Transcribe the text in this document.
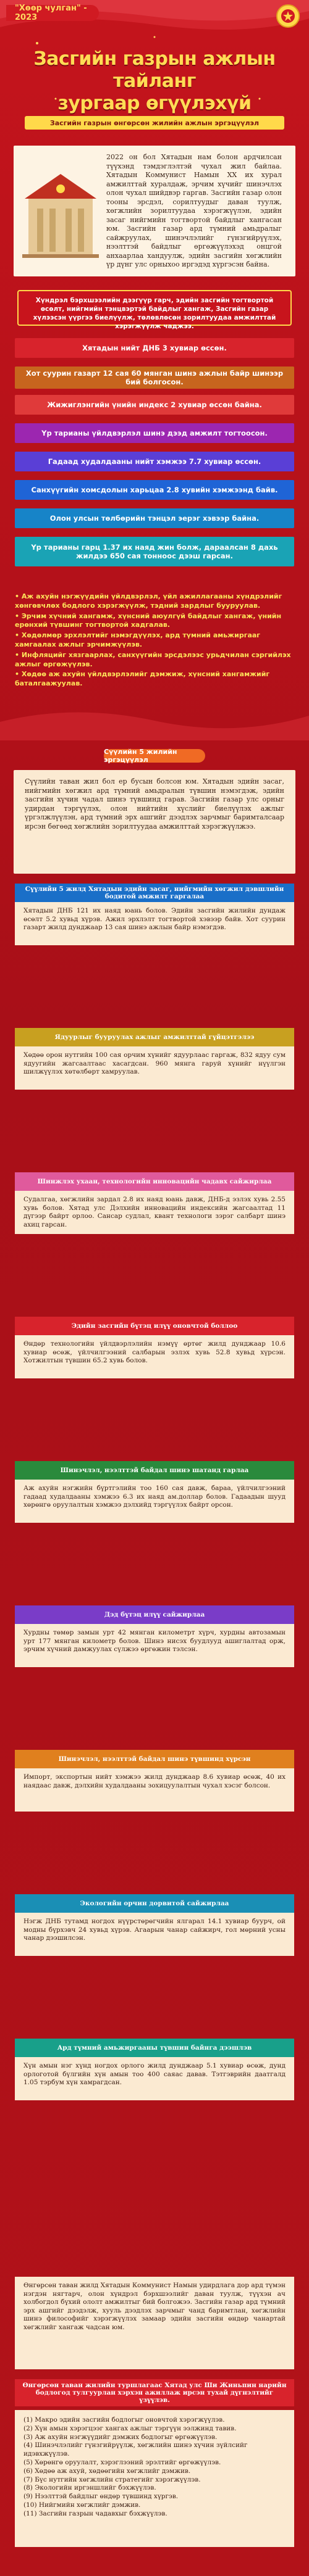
"Хөөр чулган" - 2023
Засгийн газрын ажлын тайланг
зургаар өгүүлэхүй
Засгийн газрын өнгөрсөн жилийн ажлын эргэцүүлэл

2022 он бол Хятадын нам болон ардчилсан түүхэнд тэмдэглэлтэй чухал жил байлаа. Хятадын Коммунист Намын XX их хурал амжилттай хуралдаж, эрчим хүчийг шинэчлэх олон чухал шийдвэр гаргав. Засгийн газар олон тооны эрсдэл, сорилтуудыг даван туулж, хөгжлийн зорилтуудаа хэрэгжүүлэн, эдийн засаг нийгмийн тогтвортой байдлыг хангасан юм. Засгийн газар ард түмний амьдралыг сайжруулах, шинэчлэлийг гүнзгийрүүлэх, нээлттэй байдлыг өргөжүүлэхэд онцгой анхаарлаа хандуулж, эдийн засгийн хөгжлийн үр дүнг улс орныхоо иргэдэд хүргэсэн байна.

Хүндрэл бэрхшээлийн дээгүүр гарч, эдийн засгийн тогтвортой өсөлт, нийгмийн тэнцвэртэй байдлыг хангаж, Засгийн газар хүлээсэн үүргээ биелүүлж, төлөвлөсөн зорилтуудаа амжилттай хэрэгжүүлж чаджээ.
Хятадын нийт ДНБ 3 хувиар өссөн.
Хот суурин газарт 12 сая 60 мянган шинэ ажлын байр шинээр бий болгосон.
Жижиглэнгийн үнийн индекс 2 хувиар өссөн байна.
Үр тарианы үйлдвэрлэл шинэ дээд амжилт тогтоосон.
Гадаад худалдааны нийт хэмжээ 7.7 хувиар өссөн.
Санхүүгийн хомсдолын харьцаа 2.8 хувийн хэмжээнд байв.
Олон улсын төлбөрийн тэнцэл эерэг хэвээр байна.
Үр тарианы гарц 1.37 их наяд жин болж, дараалсан 8 дахь жилдээ 650 сая тонноос дээш гарсан.
• Аж ахуйн нэгжүүдийн үйлдвэрлэл, үйл ажиллагааны хүндрэлийг хөнгөвчлөх бодлого хэрэгжүүлж, тэдний зардлыг бууруулав.
• Эрчим хүчний хангамж, хүнсний аюулгүй байдлыг хангаж, үнийн ерөнхий түвшинг тогтвортой хадгалав.
• Хөдөлмөр эрхлэлтийг нэмэгдүүлэх, ард түмний амьжиргааг хамгаалах ажлыг эрчимжүүлэв.
• Инфляцийг хязгаарлах, санхүүгийн эрсдэлээс урьдчилан сэргийлэх ажлыг өргөжүүлэв.
• Хөдөө аж ахуйн үйлдвэрлэлийг дэмжиж, хүнсний хангамжийг баталгаажуулав.
Сүүлийн 5 жилийн эргэцүүлэл

Сүүлийн таван жил бол ер бусын болсон юм. Хятадын эдийн засаг, нийгмийн хөгжил ард түмний амьдралын түвшин нэмэгдэж, эдийн засгийн хүчин чадал шинэ түвшинд гарав. Засгийн газар улс орныг удирдан тэргүүлэх, олон нийтийн хүслийг биелүүлэх ажлыг үргэлжлүүлэн, ард түмний эрх ашгийг дээдлэх зарчмыг баримталсаар ирсэн бөгөөд хөгжлийн зорилтуудаа амжилттай хэрэгжүүлжээ.

Сүүлийн 5 жилд Хятадын эдийн засаг, нийгмийн хөгжил дэвшлийн бодитой амжилт гаргалаа

Хятадын ДНБ 121 их наяд юань болов. Эдийн засгийн жилийн дундаж өсөлт 5.2 хувьд хүрэв. Ажил эрхлэлт тогтвортой хэвээр байв. Хот суурин газарт жилд дунджаар 13 сая шинэ ажлын байр нэмэгдэв.

Ядуурлыг бууруулах ажлыг амжилттай гүйцэтгэлээ

Хөдөө орон нутгийн 100 сая орчим хүнийг ядуурлаас гаргаж, 832 ядуу сум ядуугийн жагсаалтаас хасагдсан. 960 мянга гаруй хүнийг нүүлгэн шилжүүлэх хөтөлбөрт хамруулав.

Шинжлэх ухаан, технологийн инновацийн чадавх сайжирлаа

Судалгаа, хөгжлийн зардал 2.8 их наяд юань давж, ДНБ-д эзлэх хувь 2.55 хувь болов. Хятад улс Дэлхийн инновацийн индексийн жагсаалтад 11 дүгээр байрт орлоо. Сансар судлал, квант технологи зэрэг салбарт шинэ ахиц гарсан.

Эдийн засгийн бүтэц илүү оновчтой боллоо

Өндөр технологийн үйлдвэрлэлийн нэмүү өртөг жилд дунджаар 10.6 хувиар өсөж, үйлчилгээний салбарын эзлэх хувь 52.8 хувьд хүрсэн. Хотжилтын түвшин 65.2 хувь болов.

Шинэчлэл, нээлттэй байдал шинэ шатанд гарлаа

Аж ахуйн нэгжийн бүртгэлийн тоо 160 сая давж, бараа, үйлчилгээний гадаад худалдааны хэмжээ 6.3 их наяд ам.доллар болов. Гадаадын шууд хөрөнгө оруулалтын хэмжээ дэлхийд тэргүүлэх байрт орсон.

Дэд бүтэц илүү сайжирлаа

Хурдны төмөр замын урт 42 мянган километрт хүрч, хурдны автозамын урт 177 мянган километр болов. Шинэ нисэх буудлууд ашиглалтад орж, эрчим хүчний дамжуулах сүлжээ өргөжин тэлсэн.

Шинэчлэл, нээлттэй байдал шинэ түвшинд хүрсэн

Импорт, экспортын нийт хэмжээ жилд дунджаар 8.6 хувиар өсөж, 40 их наядаас давж, дэлхийн худалдааны зохицуулалтын чухал хэсэг болсон.

Экологийн орчин дорвитой сайжирлаа

Нэгж ДНБ тутамд ногдох нүүрстөрөгчийн ялгарал 14.1 хувиар буурч, ой модны бүрхэвч 24 хувьд хүрэв. Агаарын чанар сайжирч, гол мөрний усны чанар дээшилсэн.

Ард түмний амьжиргааны түвшин байнга дээшлэв

Хүн амын нэг хүнд ногдох орлого жилд дунджаар 5.1 хувиар өсөж, дунд орлоготой бүлгийн хүн амын тоо 400 саяас давав. Тэтгэврийн даатгалд 1.05 тэрбум хүн хамрагдсан.

Өнгөрсөн таван жилд Хятадын Коммунист Намын удирдлага дор ард түмэн нэгдэн нягтарч, олон хүндрэл бэрхшээлийг даван туулж, түүхэн ач холбогдол бүхий ололт амжилтыг бий болгожээ. Засгийн газар ард түмний эрх ашгийг дээдэлж, хууль дээдлэх зарчмыг чанд баримтлан, хөгжлийн шинэ философийг хэрэгжүүлэх замаар эдийн засгийн өндөр чанартай хөгжлийг хангаж чадсан юм.

Өнгөрсөн таван жилийн туршлагаас Хятад улс Ши Жиньпин нарийн бодлогод тулгуурлан хэрхэн ажиллаж ирсэн тухай дүгнэлтийг үзүүлэв.
(1) Макро эдийн засгийн бодлогыг оновчтой хэрэгжүүлэв.
(2) Хүн амын хэрэгцээг хангах ажлыг тэргүүн ээлжинд тавив.
(3) Аж ахуйн нэгжүүдийг дэмжих бодлогыг өргөжүүлэв.
(4) Шинэчлэлийг гүнзгийрүүлж, хөгжлийн шинэ хүчин зүйлсийг идэвхжүүлэв.
(5) Хөрөнгө оруулалт, хэрэглээний эрэлтийг өргөжүүлэв.
(6) Хөдөө аж ахуй, хөдөөгийн хөгжлийг дэмжив.
(7) Бүс нутгийн хөгжлийн стратегийг хэрэгжүүлэв.
(8) Экологийн иргэншлийг бэхжүүлэв.
(9) Нээлттэй байдлыг өндөр түвшинд хүргэв.
(10) Нийгмийн хөгжлийг дэмжив.
(11) Засгийн газрын чадавхыг бэхжүүлэв.
